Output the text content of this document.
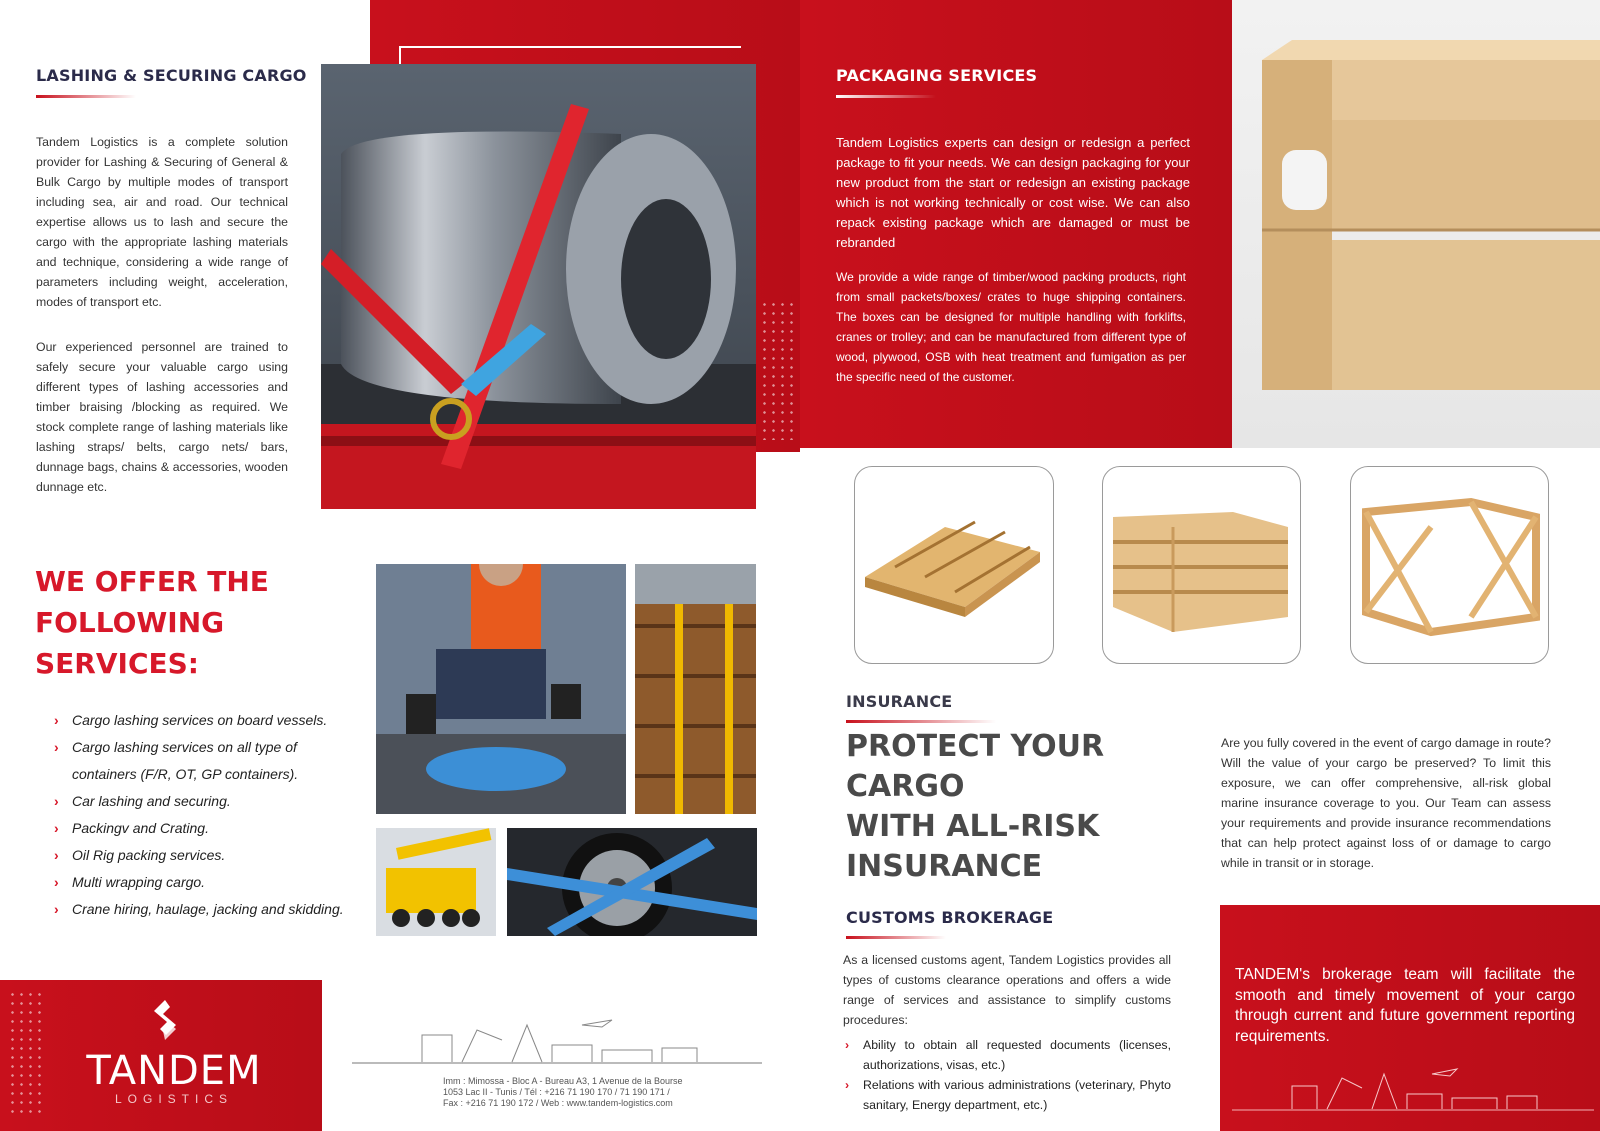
LASHING & SECURING CARGO
Tandem Logistics is a complete solution provider for Lashing & Securing of General & Bulk Cargo by multiple modes of transport including sea, air and road. Our technical expertise allows us to lash and secure the cargo with the appropriate lashing materials and technique, considering a wide range of parameters including weight, acceleration, modes of transport etc.
Our experienced personnel are trained to safely secure your valuable cargo using different types of lashing accessories and timber braising /blocking as required. We stock complete range of lashing materials like lashing straps/ belts, cargo nets/ bars, dunnage bags, chains & accessories, wooden dunnage etc.
WE OFFER THE
FOLLOWING
SERVICES:
› Cargo lashing services on board vessels.
› Cargo lashing services on all type of
containers (F/R, OT, GP containers).
› Car lashing and securing.
› Packingv and Crating.
› Oil Rig packing services.
› Multi wrapping cargo.
› Crane hiring, haulage, jacking and skidding.
TANDEM
LOGISTICS
Imm : Mimossa - Bloc A - Bureau A3, 1 Avenue de la Bourse
1053 Lac II - Tunis / Tél : +216 71 190 170 / 71 190 171 /
Fax : +216 71 190 172 / Web : www.tandem-logistics.com
PACKAGING SERVICES
Tandem Logistics experts can design or redesign a perfect package to fit your needs. We can design packaging for your new product from the start or redesign an existing package which is not working technically or cost wise. We can also repack existing package which are damaged or must be rebranded
We provide a wide range of timber/wood packing products, right from small packets/boxes/ crates to huge shipping containers. The boxes can be designed for multiple handling with forklifts, cranes or trolley; and can be manufactured from different type of wood, plywood, OSB with heat treatment and fumigation as per the specific need of the customer.
INSURANCE
PROTECT YOUR CARGO
WITH ALL-RISK
INSURANCE
Are you fully covered in the event of cargo damage in route? Will the value of your cargo be preserved? To limit this exposure, we can offer comprehensive, all-risk global marine insurance coverage to you. Our Team can assess your requirements and provide insurance recommendations that can help protect against loss of or damage to cargo while in transit or in storage.
CUSTOMS BROKERAGE
As a licensed customs agent, Tandem Logistics provides all types of customs clearance operations and offers a wide range of services and assistance to simplify customs procedures:
› Ability to obtain all requested documents (licenses, authorizations, visas, etc.)
› Relations with various administrations (veterinary, Phyto sanitary, Energy department, etc.)
TANDEM's brokerage team will facilitate the smooth and timely movement of your cargo through current and future government reporting requirements.
